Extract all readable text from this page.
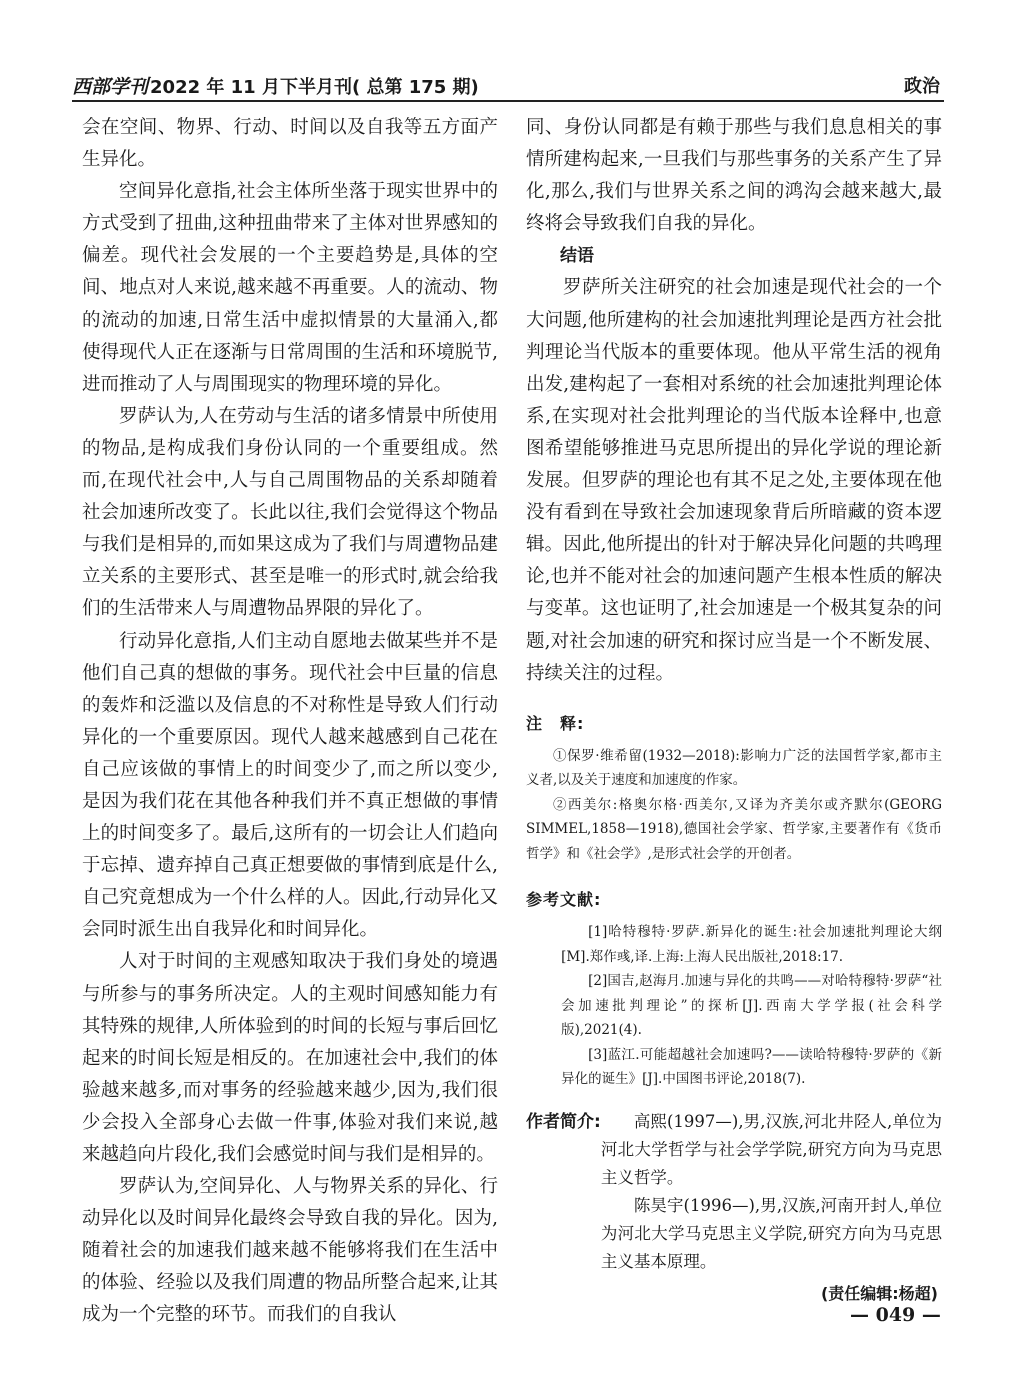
西部学刊 2022 年 11 月下半月刊( 总第 175 期)	政治

会在空间、物界、行动、时间以及自我等五方面产生异化。

空间异化意指,社会主体所坐落于现实世界中的方式受到了扭曲,这种扭曲带来了主体对世界感知的偏差。现代社会发展的一个主要趋势是,具体的空间、地点对人来说,越来越不再重要。人的流动、物的流动的加速,日常生活中虚拟情景的大量涌入,都使得现代人正在逐渐与日常周围的生活和环境脱节,进而推动了人与周围现实的物理环境的异化。

罗萨认为,人在劳动与生活的诸多情景中所使用的物品,是构成我们身份认同的一个重要组成。然而,在现代社会中,人与自己周围物品的关系却随着社会加速所改变了。长此以往,我们会觉得这个物品与我们是相异的,而如果这成为了我们与周遭物品建立关系的主要形式、甚至是唯一的形式时,就会给我们的生活带来人与周遭物品界限的异化了。

行动异化意指,人们主动自愿地去做某些并不是他们自己真的想做的事务。现代社会中巨量的信息的轰炸和泛滥以及信息的不对称性是导致人们行动异化的一个重要原因。现代人越来越感到自己花在自己应该做的事情上的时间变少了,而之所以变少,是因为我们花在其他各种我们并不真正想做的事情上的时间变多了。最后,这所有的一切会让人们趋向于忘掉、遗弃掉自己真正想要做的事情到底是什么,自己究竟想成为一个什么样的人。因此,行动异化又会同时派生出自我异化和时间异化。

人对于时间的主观感知取决于我们身处的境遇与所参与的事务所决定。人的主观时间感知能力有其特殊的规律,人所体验到的时间的长短与事后回忆起来的时间长短是相反的。在加速社会中,我们的体验越来越多,而对事务的经验越来越少,因为,我们很少会投入全部身心去做一件事,体验对我们来说,越来越趋向片段化,我们会感觉时间与我们是相异的。

罗萨认为,空间异化、人与物界关系的异化、行动异化以及时间异化最终会导致自我的异化。因为,随着社会的加速我们越来越不能够将我们在生活中的体验、经验以及我们周遭的物品所整合起来,让其成为一个完整的环节。而我们的自我认

同、身份认同都是有赖于那些与我们息息相关的事情所建构起来,一旦我们与那些事务的关系产生了异化,那么,我们与世界关系之间的鸿沟会越来越大,最终将会导致我们自我的异化。

结语

罗萨所关注研究的社会加速是现代社会的一个大问题,他所建构的社会加速批判理论是西方社会批判理论当代版本的重要体现。他从平常生活的视角出发,建构起了一套相对系统的社会加速批判理论体系,在实现对社会批判理论的当代版本诠释中,也意图希望能够推进马克思所提出的异化学说的理论新发展。但罗萨的理论也有其不足之处,主要体现在他没有看到在导致社会加速现象背后所暗藏的资本逻辑。因此,他所提出的针对于解决异化问题的共鸣理论,也并不能对社会的加速问题产生根本性质的解决与变革。这也证明了,社会加速是一个极其复杂的问题,对社会加速的研究和探讨应当是一个不断发展、持续关注的过程。

注　释:

①保罗·维希留(1932—2018):影响力广泛的法国哲学家,都市主义者,以及关于速度和加速度的作家。

②西美尔:格奥尔格·西美尔,又译为齐美尔或齐默尔(GEORG SIMMEL,1858—1918),德国社会学家、哲学家,主要著作有《货币哲学》和《社会学》,是形式社会学的开创者。

参考文献:

[1]哈特穆特·罗萨.新异化的诞生:社会加速批判理论大纲[M].郑作彧,译.上海:上海人民出版社,2018:17.

[2]国吉,赵海月.加速与异化的共鸣——对哈特穆特·罗萨“社会加速批判理论”的探析[J].西南大学学报(社会科学版),2021(4).

[3]蓝江.可能超越社会加速吗?——读哈特穆特·罗萨的《新异化的诞生》[J].中国图书评论,2018(7).

作者简介:	高熙(1997—),男,汉族,河北井陉人,单位为河北大学哲学与社会学学院,研究方向为马克思主义哲学。

陈昊宇(1996—),男,汉族,河南开封人,单位为河北大学马克思主义学院,研究方向为马克思主义基本原理。

(责任编辑:杨超)
— 049 —
